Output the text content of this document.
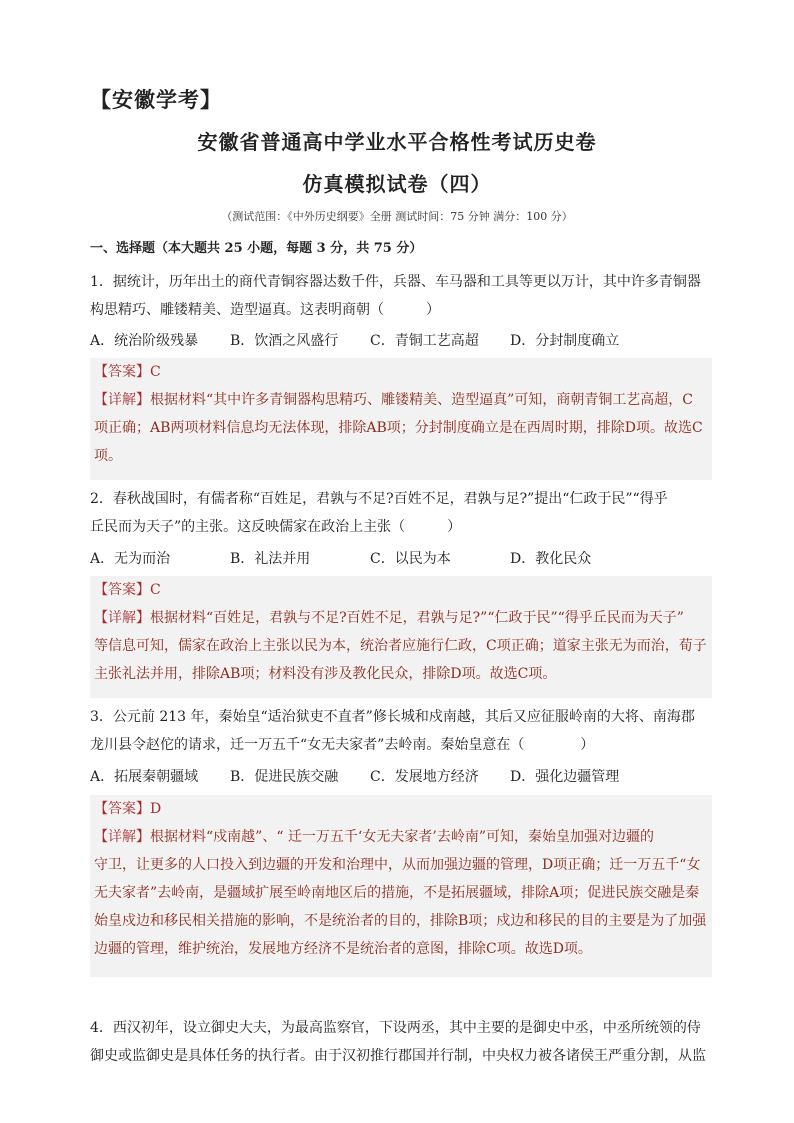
【安徽学考】
安徽省普通高中学业水平合格性考试历史卷
仿真模拟试卷（四）
（测试范围：《中外历史纲要》全册 测试时间：75 分钟 满分：100 分）
一、选择题（本大题共 25 小题，每题 3 分，共 75 分）
1．据统计，历年出土的商代青铜容器达数千件，兵器、车马器和工具等更以万计，其中许多青铜器
构思精巧、雕镂精美、造型逼真。这表明商朝（　　　）
A．统治阶级残暴 B．饮酒之风盛行 C．青铜工艺高超 D．分封制度确立
【答案】C
【详解】根据材料“其中许多青铜器构思精巧、雕镂精美、造型逼真”可知，商朝青铜工艺高超，C
项正确；AB两项材料信息均无法体现，排除AB项；分封制度确立是在西周时期，排除D项。故选C
项。
2．春秋战国时，有儒者称“百姓足，君孰与不足?百姓不足，君孰与足?”提出“仁政于民”“得乎
丘民而为天子”的主张。这反映儒家在政治上主张（　　　）
A．无为而治	B．礼法并用	C．以民为本	D．教化民众
【答案】C
【详解】根据材料“百姓足，君孰与不足?百姓不足，君孰与足?”“仁政于民”“得乎丘民而为天子”
等信息可知，儒家在政治上主张以民为本，统治者应施行仁政，C项正确；道家主张无为而治，荀子
主张礼法并用，排除AB项；材料没有涉及教化民众，排除D项。故选C项。
3．公元前 213 年，秦始皇“适治狱吏不直者”修长城和戍南越，其后又应征服岭南的大将、南海郡
龙川县令赵佗的请求，迁一万五千“女无夫家者”去岭南。秦始皇意在（　　　　）
A．拓展秦朝疆域 B．促进民族交融 C．发展地方经济 D．强化边疆管理
【答案】D
【详解】根据材料“戍南越”、“ 迁一万五千‘女无夫家者’去岭南”可知，秦始皇加强对边疆的
守卫，让更多的人口投入到边疆的开发和治理中，从而加强边疆的管理，D项正确；迁一万五千“女
无夫家者”去岭南，是疆域扩展至岭南地区后的措施，不是拓展疆域，排除A项；促进民族交融是秦
始皇戍边和移民相关措施的影响，不是统治者的目的，排除B项；戍边和移民的目的主要是为了加强
边疆的管理，维护统治，发展地方经济不是统治者的意图，排除C项。故选D项。
4．西汉初年，设立御史大夫，为最高监察官，下设两丞，其中主要的是御史中丞，中丞所统领的侍
御史或监御史是具体任务的执行者。由于汉初推行郡国并行制，中央权力被各诸侯王严重分割，从监
